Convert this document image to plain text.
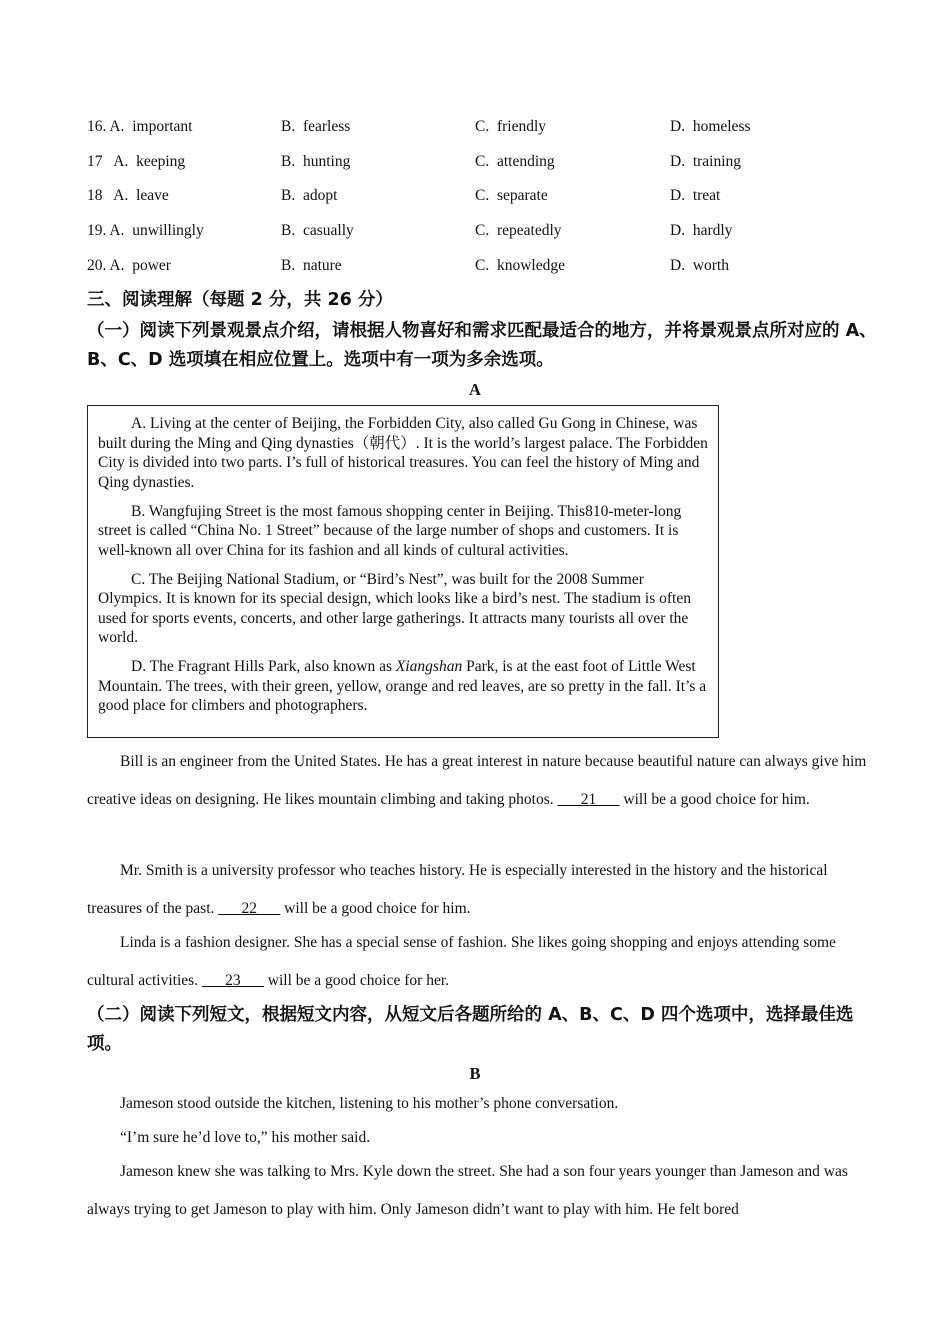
16. A.  important	B.  fearless	C.  friendly	D.  homeless
17   A.  keeping	B.  hunting	C.  attending	D.  training
18   A.  leave	B.  adopt	C.  separate	D.  treat
19. A.  unwillingly	B.  casually	C.  repeatedly	D.  hardly
20. A.  power	B.  nature	C.  knowledge	D.  worth
三、阅读理解（每题 2 分，共 26 分）
（一）阅读下列景观景点介绍，请根据人物喜好和需求匹配最适合的地方，并将景观景点所对应的 A、B、C、D 选项填在相应位置上。选项中有一项为多余选项。
A

A. Living at the center of Beijing, the Forbidden City, also called Gu Gong in Chinese, was built during the Ming and Qing dynasties（朝代）. It is the world’s largest palace. The Forbidden City is divided into two parts. I’s full of historical treasures. You can feel the history of Ming and Qing dynasties.

B. Wangfujing Street is the most famous shopping center in Beijing. This810-meter-long street is called “China No. 1 Street” because of the large number of shops and customers. It is well-known all over China for its fashion and all kinds of cultural activities.

C. The Beijing National Stadium, or “Bird’s Nest”, was built for the 2008 Summer Olympics. It is known for its special design, which looks like a bird’s nest. The stadium is often used for sports events, concerts, and other large gatherings. It attracts many tourists all over the world.

D. The Fragrant Hills Park, also known as Xiangshan Park, is at the east foot of Little West Mountain. The trees, with their green, yellow, orange and red leaves, are so pretty in the fall. It’s a good place for climbers and photographers.

Bill is an engineer from the United States. He has a great interest in nature because beautiful nature can always give him creative ideas on designing. He likes mountain climbing and taking photos. ___21___ will be a good choice for him.
Mr. Smith is a university professor who teaches history. He is especially interested in the history and the historical treasures of the past. ___22___ will be a good choice for him.
Linda is a fashion designer. She has a special sense of fashion. She likes going shopping and enjoys attending some cultural activities. ___23___ will be a good choice for her.
（二）阅读下列短文，根据短文内容，从短文后各题所给的 A、B、C、D 四个选项中，选择最佳选项。
B
Jameson stood outside the kitchen, listening to his mother’s phone conversation.
“I’m sure he’d love to,” his mother said.
Jameson knew she was talking to Mrs. Kyle down the street. She had a son four years younger than Jameson and was always trying to get Jameson to play with him. Only Jameson didn’t want to play with him. He felt bored
